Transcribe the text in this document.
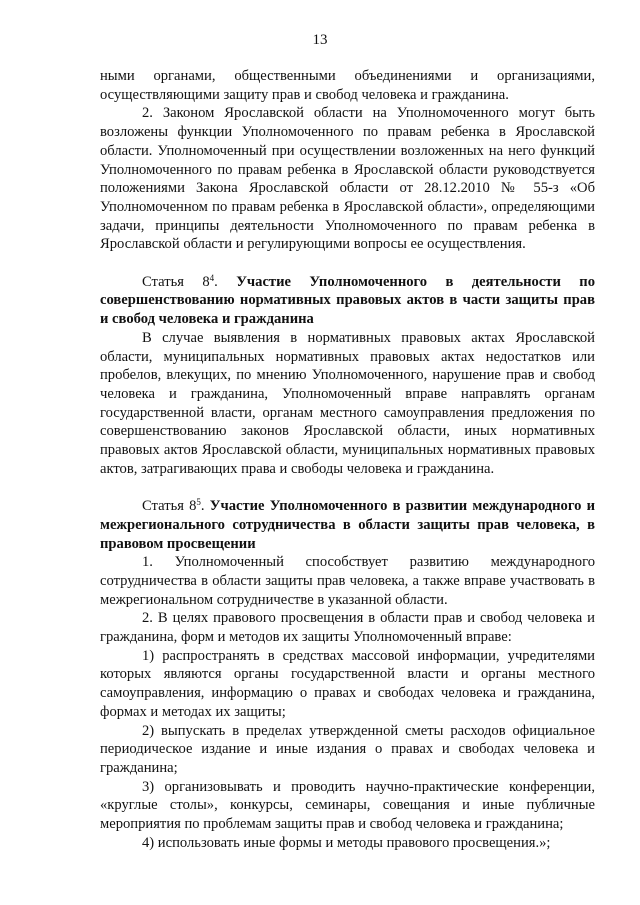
13

ными органами, общественными объединениями и организациями, осуществляющими защиту прав и свобод человека и гражданина.

2. Законом Ярославской области на Уполномоченного могут быть возложены функции Уполномоченного по правам ребенка в Ярославской области. Уполномоченный при осуществлении возложенных на него функций Уполномоченного по правам ребенка в Ярославской области руководствуется положениями Закона Ярославской области от 28.12.2010 № 55-з «Об Уполномоченном по правам ребенка в Ярославской области», определяющими задачи, принципы деятельности Уполномоченного по правам ребенка в Ярославской области и регулирующими вопросы ее осуществления.

Статья $8^4$. Участие Уполномоченного в деятельности по совершенствованию нормативных правовых актов в части защиты прав и свобод человека и гражданина

В случае выявления в нормативных правовых актах Ярославской области, муниципальных нормативных правовых актах недостатков или пробелов, влекущих, по мнению Уполномоченного, нарушение прав и свобод человека и гражданина, Уполномоченный вправе направлять органам государственной власти, органам местного самоуправления предложения по совершенствованию законов Ярославской области, иных нормативных правовых актов Ярославской области, муниципальных нормативных правовых актов, затрагивающих права и свободы человека и гражданина.

Статья $8^5$. Участие Уполномоченного в развитии международного и межрегионального сотрудничества в области защиты прав человека, в правовом просвещении

1. Уполномоченный способствует развитию международного сотрудничества в области защиты прав человека, а также вправе участвовать в межрегиональном сотрудничестве в указанной области.

2. В целях правового просвещения в области прав и свобод человека и гражданина, форм и методов их защиты Уполномоченный вправе:

1) распространять в средствах массовой информации, учредителями которых являются органы государственной власти и органы местного самоуправления, информацию о правах и свободах человека и гражданина, формах и методах их защиты;

2) выпускать в пределах утвержденной сметы расходов официальное периодическое издание и иные издания о правах и свободах человека и гражданина;

3) организовывать и проводить научно-практические конференции, «круглые столы», конкурсы, семинары, совещания и иные публичные мероприятия по проблемам защиты прав и свобод человека и гражданина;

4) использовать иные формы и методы правового просвещения.»;
